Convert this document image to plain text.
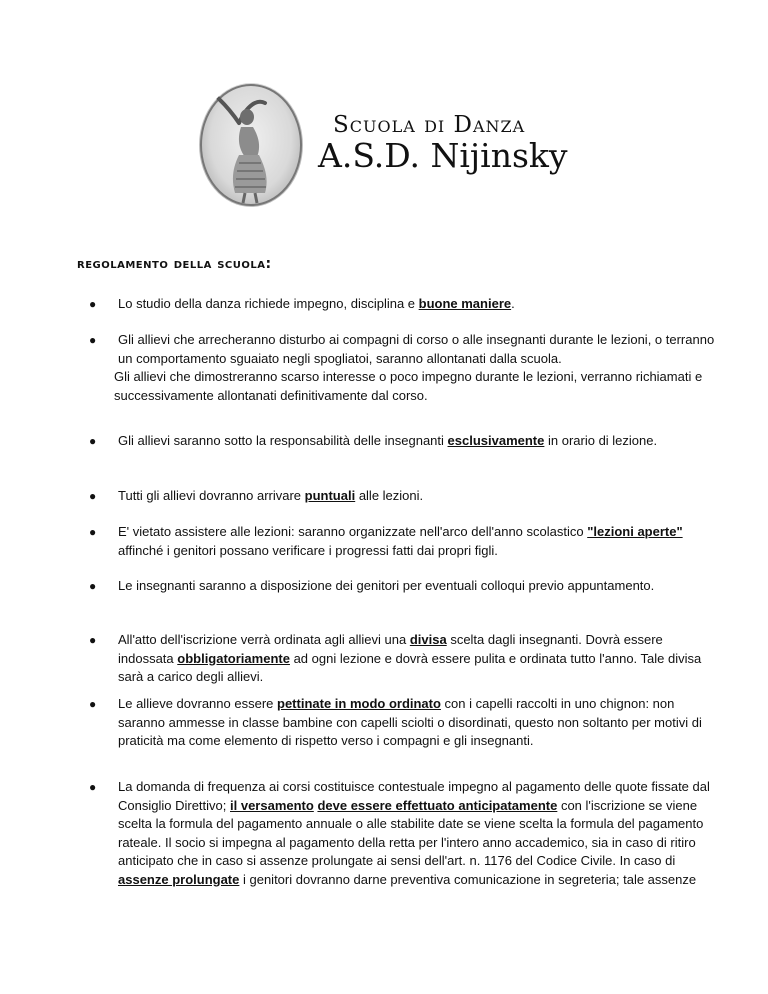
Scuola di Danza
A.S.D. Nijinsky
regolamento della scuola:
● Lo studio della danza richiede impegno, disciplina e buone maniere.
● Gli allievi che arrecheranno disturbo ai compagni di corso o alle insegnanti durante le lezioni, o terranno un comportamento sguaiato negli spogliatoi, saranno allontanati dalla scuola.
Gli allievi che dimostreranno scarso interesse o poco impegno durante le lezioni, verranno richiamati e successivamente allontanati definitivamente dal corso.
● Gli allievi saranno sotto la responsabilità delle insegnanti esclusivamente in orario di lezione.
● Tutti gli allievi dovranno arrivare puntuali alle lezioni.
● E' vietato assistere alle lezioni: saranno organizzate nell'arco dell'anno scolastico "lezioni aperte" affinché i genitori possano verificare i progressi fatti dai propri figli.
● Le insegnanti saranno a disposizione dei genitori per eventuali colloqui previo appuntamento.
● All'atto dell'iscrizione verrà ordinata agli allievi una divisa scelta dagli insegnanti. Dovrà essere indossata obbligatoriamente ad ogni lezione e dovrà essere pulita e ordinata tutto l'anno. Tale divisa sarà a carico degli allievi.
● Le allieve dovranno essere pettinate in modo ordinato con i capelli raccolti in uno chignon: non saranno ammesse in classe bambine con capelli sciolti o disordinati, questo non soltanto per motivi di praticità ma come elemento di rispetto verso i compagni e gli insegnanti.
● La domanda di frequenza ai corsi costituisce contestuale impegno al pagamento delle quote fissate dal Consiglio Direttivo; il versamento deve essere effettuato anticipatamente con l'iscrizione se viene scelta la formula del pagamento annuale o alle stabilite date se viene scelta la formula del pagamento rateale. Il socio si impegna al pagamento della retta per l'intero anno accademico, sia in caso di ritiro anticipato che in caso si assenze prolungate ai sensi dell'art. n. 1176 del Codice Civile. In caso di assenze prolungate i genitori dovranno darne preventiva comunicazione in segreteria; tale assenze
